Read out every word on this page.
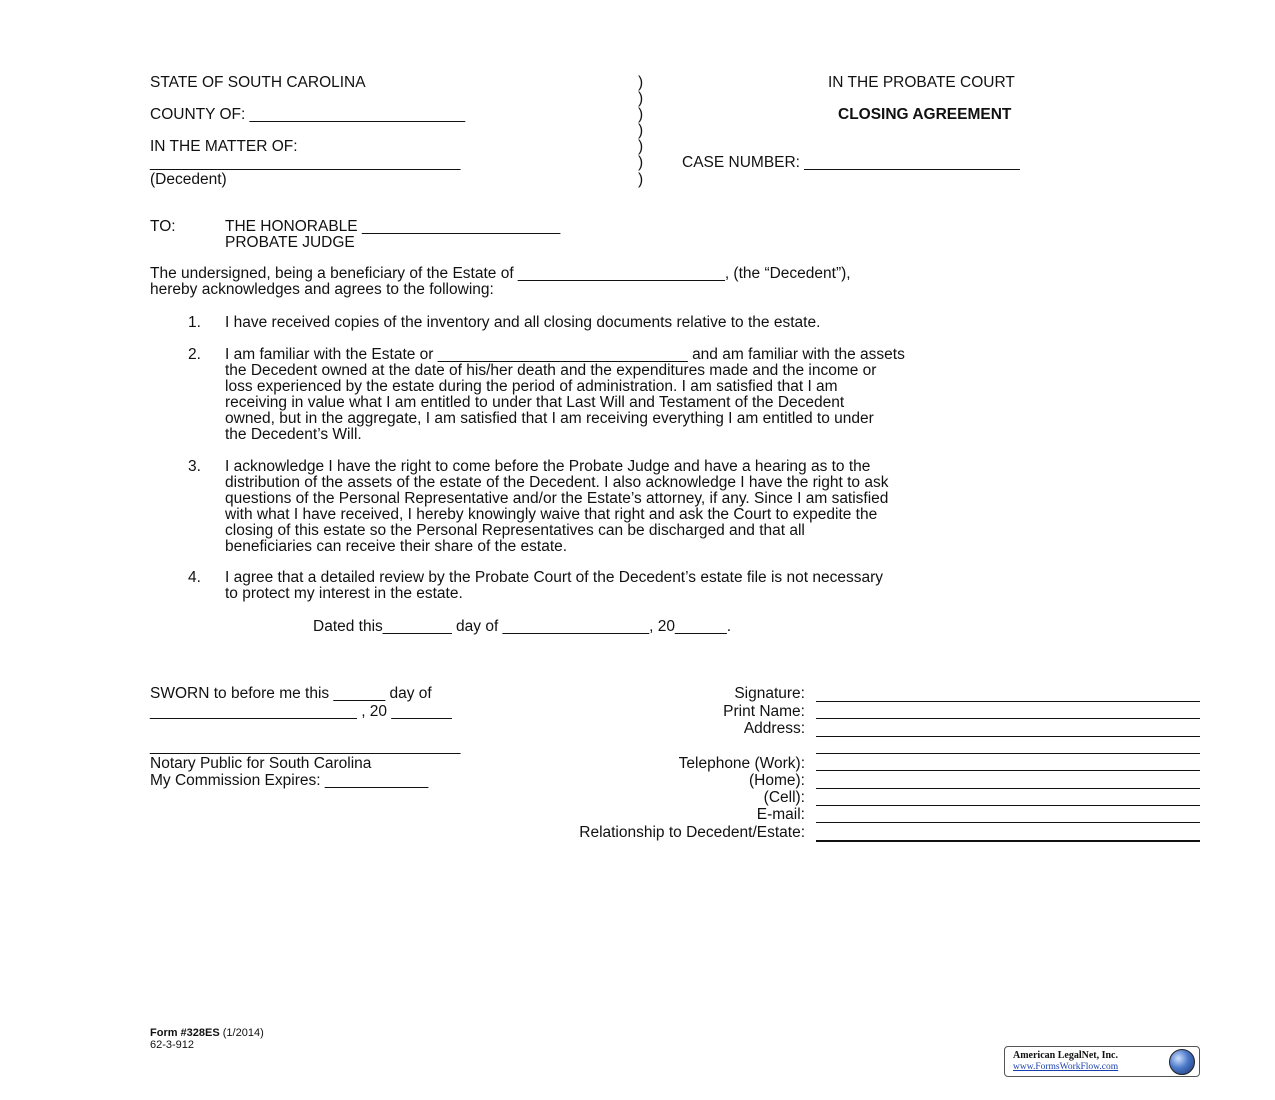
STATE OF SOUTH CAROLINA
COUNTY OF: _________________________
IN THE MATTER OF:
____________________________________
(Decedent)
)
)
)
)
)
)
)
IN THE PROBATE COURT
CLOSING AGREEMENT
CASE NUMBER: _________________________
TO:	THE HONORABLE _______________________
PROBATE JUDGE
The undersigned, being a beneficiary of the Estate of ________________________, (the “Decedent”),
hereby acknowledges and agrees to the following:
1. I have received copies of the inventory and all closing documents relative to the estate.
2. I am familiar with the Estate or _____________________________ and am familiar with the assets
the Decedent owned at the date of his/her death and the expenditures made and the income or
loss experienced by the estate during the period of administration. I am satisfied that I am
receiving in value what I am entitled to under that Last Will and Testament of the Decedent
owned, but in the aggregate, I am satisfied that I am receiving everything I am entitled to under
the Decedent’s Will.
3. I acknowledge I have the right to come before the Probate Judge and have a hearing as to the
distribution of the assets of the estate of the Decedent. I also acknowledge I have the right to ask
questions of the Personal Representative and/or the Estate’s attorney, if any. Since I am satisfied
with what I have received, I hereby knowingly waive that right and ask the Court to expedite the
closing of this estate so the Personal Representatives can be discharged and that all
beneficiaries can receive their share of the estate.
4. I agree that a detailed review by the Probate Court of the Decedent’s estate file is not necessary
to protect my interest in the estate.
Dated this________ day of _________________, 20______.
SWORN to before me this ______ day of
________________________ , 20 _______
____________________________________
Notary Public for South Carolina
My Commission Expires: ____________
Signature:
Print Name:
Address:
Telephone (Work):
(Home):
(Cell):
E-mail:
Relationship to Decedent/Estate:
Form #328ES (1/2014)
62-3-912
American LegalNet, Inc.
www.FormsWorkFlow.com
